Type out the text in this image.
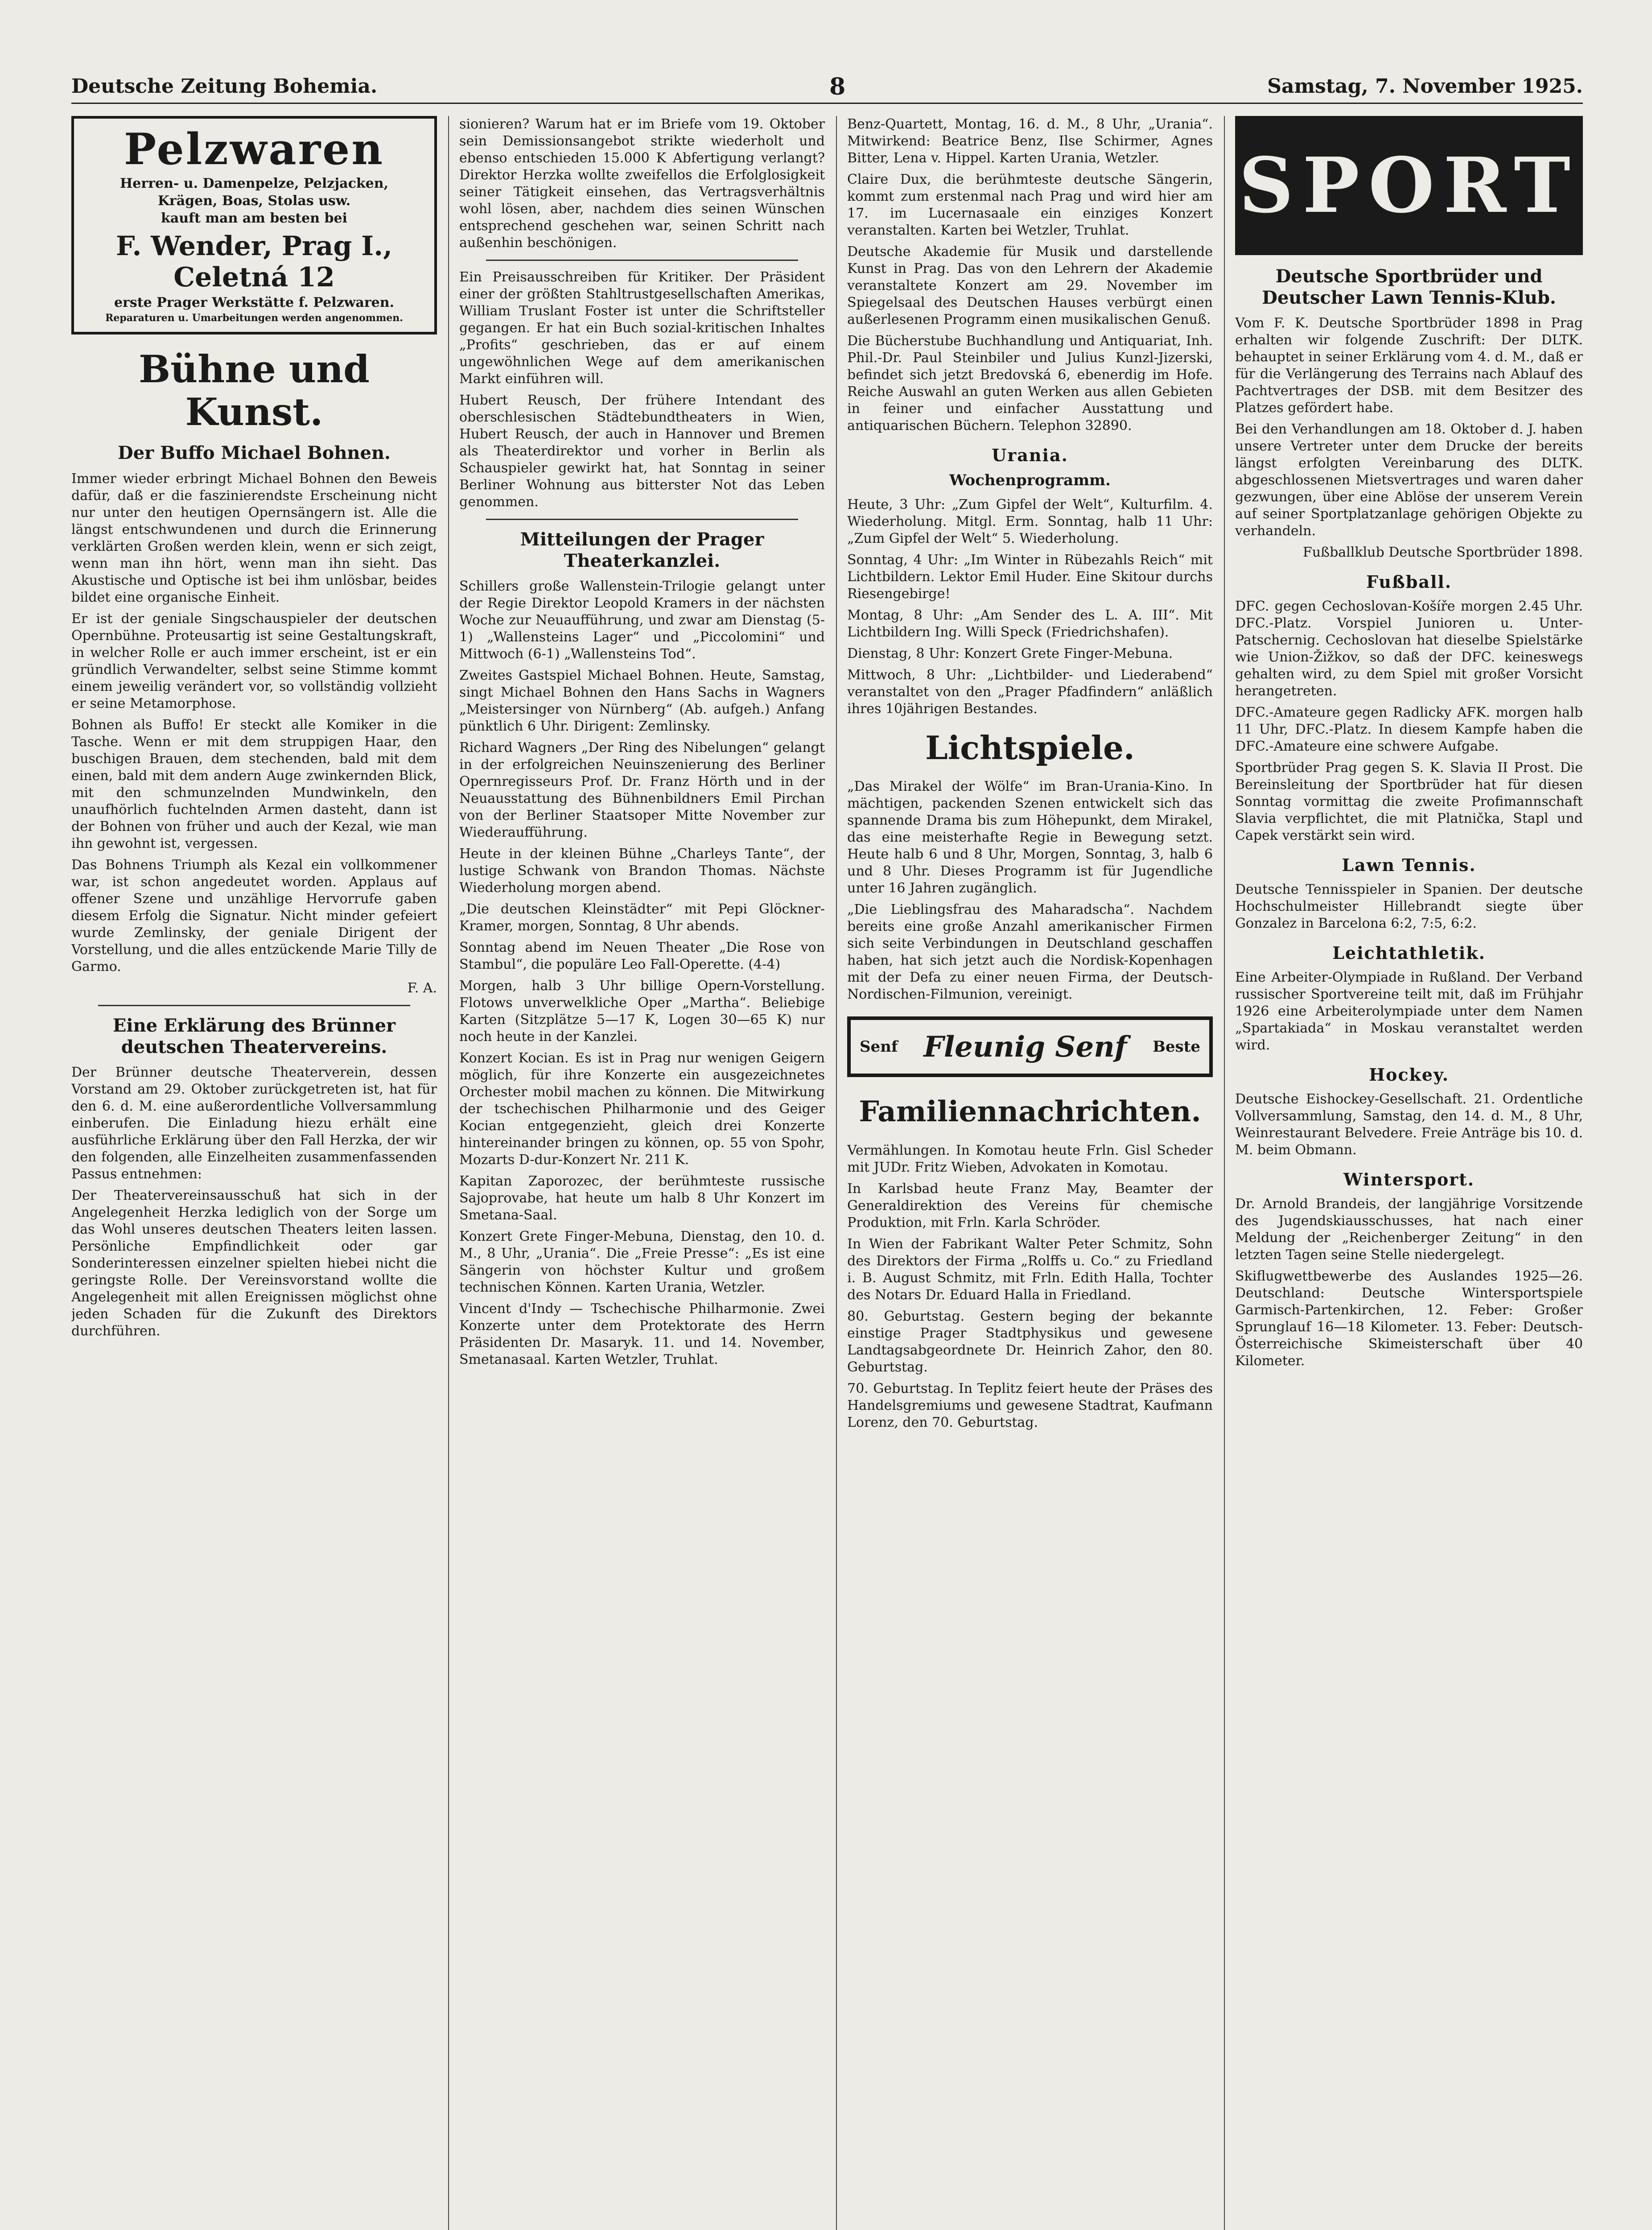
Deutsche Zeitung Bohemia.	8	Samstag, 7. November 1925.
Pelzwaren
Herren- u. Damenpelze, Pelzjacken,
Krägen, Boas, Stolas usw.
kauft man am besten bei
F. Wender, Prag I., Celetná 12
erste Prager Werkstätte f. Pelzwaren.
Reparaturen u. Umarbeitungen werden angenommen.
Bühne und Kunst.
Der Buffo Michael Bohnen.

Immer wieder erbringt Michael Bohnen den Beweis dafür, daß er die faszinierendste Erscheinung nicht nur unter den heutigen Opernsängern ist. Alle die längst entschwundenen und durch die Erinnerung verklärten Großen werden klein, wenn er sich zeigt, wenn man ihn hört, wenn man ihn sieht. Das Akustische und Optische ist bei ihm unlösbar, beides bildet eine organische Einheit.

Er ist der geniale Singschauspieler der deutschen Opernbühne. Proteusartig ist seine Gestaltungskraft, in welcher Rolle er auch immer erscheint, ist er ein gründlich Verwandelter, selbst seine Stimme kommt einem jeweilig verändert vor, so vollständig vollzieht er seine Metamorphose.

Bohnen als Buffo! Er steckt alle Komiker in die Tasche. Wenn er mit dem struppigen Haar, den buschigen Brauen, dem stechenden, bald mit dem einen, bald mit dem andern Auge zwinkernden Blick, mit den schmunzelnden Mundwinkeln, den unaufhörlich fuchtelnden Armen dasteht, dann ist der Bohnen von früher und auch der Kezal, wie man ihn gewohnt ist, vergessen.

Das Bohnens Triumph als Kezal ein vollkommener war, ist schon angedeutet worden. Applaus auf offener Szene und unzählige Hervorrufe gaben diesem Erfolg die Signatur. Nicht minder gefeiert wurde Zemlinsky, der geniale Dirigent der Vorstellung, und die alles entzückende Marie Tilly de Garmo.

F. A.

Eine Erklärung des Brünner deutschen Theatervereins.

Der Brünner deutsche Theaterverein, dessen Vorstand am 29. Oktober zurückgetreten ist, hat für den 6. d. M. eine außerordentliche Vollversammlung einberufen. Die Einladung hiezu erhält eine ausführliche Erklärung über den Fall Herzka, der wir den folgenden, alle Einzelheiten zusammenfassenden Passus entnehmen:

Der Theatervereinsausschuß hat sich in der Angelegenheit Herzka lediglich von der Sorge um das Wohl unseres deutschen Theaters leiten lassen. Persönliche Empfindlichkeit oder gar Sonderinteressen einzelner spielten hiebei nicht die geringste Rolle. Der Vereinsvorstand wollte die Angelegenheit mit allen Ereignissen möglichst ohne jeden Schaden für die Zukunft des Direktors durchführen.

sionieren? Warum hat er im Briefe vom 19. Oktober sein Demissionsangebot strikte wiederholt und ebenso entschieden 15.000 K Abfertigung verlangt? Direktor Herzka wollte zweifellos die Erfolglosigkeit seiner Tätigkeit einsehen, das Vertragsverhältnis wohl lösen, aber, nachdem dies seinen Wünschen entsprechend geschehen war, seinen Schritt nach außenhin beschönigen.

Ein Preisausschreiben für Kritiker. Der Präsident einer der größten Stahltrustgesellschaften Amerikas, William Truslant Foster ist unter die Schriftsteller gegangen. Er hat ein Buch sozial-kritischen Inhaltes „Profits“ geschrieben, das er auf einem ungewöhnlichen Wege auf dem amerikanischen Markt einführen will.

Hubert Reusch, Der frühere Intendant des oberschlesischen Städtebundtheaters in Wien, Hubert Reusch, der auch in Hannover und Bremen als Theaterdirektor und vorher in Berlin als Schauspieler gewirkt hat, hat Sonntag in seiner Berliner Wohnung aus bitterster Not das Leben genommen.

Mitteilungen der Prager Theaterkanzlei.

Schillers große Wallenstein-Trilogie gelangt unter der Regie Direktor Leopold Kramers in der nächsten Woche zur Neuaufführung, und zwar am Dienstag (5-1) „Wallensteins Lager“ und „Piccolomini“ und Mittwoch (6-1) „Wallensteins Tod“.

Zweites Gastspiel Michael Bohnen. Heute, Samstag, singt Michael Bohnen den Hans Sachs in Wagners „Meistersinger von Nürnberg“ (Ab. aufgeh.) Anfang pünktlich 6 Uhr. Dirigent: Zemlinsky.

Richard Wagners „Der Ring des Nibelungen“ gelangt in der erfolgreichen Neuinszenierung des Berliner Opernregisseurs Prof. Dr. Franz Hörth und in der Neuausstattung des Bühnenbildners Emil Pirchan von der Berliner Staatsoper Mitte November zur Wiederaufführung.

Heute in der kleinen Bühne „Charleys Tante“, der lustige Schwank von Brandon Thomas. Nächste Wiederholung morgen abend.

„Die deutschen Kleinstädter“ mit Pepi Glöckner-Kramer, morgen, Sonntag, 8 Uhr abends.

Sonntag abend im Neuen Theater „Die Rose von Stambul“, die populäre Leo Fall-Operette. (4-4)

Morgen, halb 3 Uhr billige Opern-Vorstellung. Flotows unverwelkliche Oper „Martha“. Beliebige Karten (Sitzplätze 5—17 K, Logen 30—65 K) nur noch heute in der Kanzlei.

Konzert Kocian. Es ist in Prag nur wenigen Geigern möglich, für ihre Konzerte ein ausgezeichnetes Orchester mobil machen zu können. Die Mitwirkung der tschechischen Philharmonie und des Geiger Kocian entgegenzieht, gleich drei Konzerte hintereinander bringen zu können, op. 55 von Spohr, Mozarts D-dur-Konzert Nr. 211 K.

Kapitan Zaporozec, der berühmteste russische Sajoprovabe, hat heute um halb 8 Uhr Konzert im Smetana-Saal.

Konzert Grete Finger-Mebuna, Dienstag, den 10. d. M., 8 Uhr, „Urania“. Die „Freie Presse“: „Es ist eine Sängerin von höchster Kultur und großem technischen Können. Karten Urania, Wetzler.

Vincent d'Indy — Tschechische Philharmonie. Zwei Konzerte unter dem Protektorate des Herrn Präsidenten Dr. Masaryk. 11. und 14. November, Smetanasaal. Karten Wetzler, Truhlat.

Benz-Quartett, Montag, 16. d. M., 8 Uhr, „Urania“. Mitwirkend: Beatrice Benz, Ilse Schirmer, Agnes Bitter, Lena v. Hippel. Karten Urania, Wetzler.

Claire Dux, die berühmteste deutsche Sängerin, kommt zum erstenmal nach Prag und wird hier am 17. im Lucernasaale ein einziges Konzert veranstalten. Karten bei Wetzler, Truhlat.

Deutsche Akademie für Musik und darstellende Kunst in Prag. Das von den Lehrern der Akademie veranstaltete Konzert am 29. November im Spiegelsaal des Deutschen Hauses verbürgt einen außerlesenen Programm einen musikalischen Genuß.

Die Bücherstube Buchhandlung und Antiquariat, Inh. Phil.-Dr. Paul Steinbiler und Julius Kunzl-Jizerski, befindet sich jetzt Bredovská 6, ebenerdig im Hofe. Reiche Auswahl an guten Werken aus allen Gebieten in feiner und einfacher Ausstattung und antiquarischen Büchern. Telephon 32890.

Urania.
Wochenprogramm.

Heute, 3 Uhr: „Zum Gipfel der Welt“, Kulturfilm. 4. Wiederholung. Mitgl. Erm. Sonntag, halb 11 Uhr: „Zum Gipfel der Welt“ 5. Wiederholung.

Sonntag, 4 Uhr: „Im Winter in Rübezahls Reich“ mit Lichtbildern. Lektor Emil Huder. Eine Skitour durchs Riesengebirge!

Montag, 8 Uhr: „Am Sender des L. A. III“. Mit Lichtbildern Ing. Willi Speck (Friedrichshafen).

Dienstag, 8 Uhr: Konzert Grete Finger-Mebuna.

Mittwoch, 8 Uhr: „Lichtbilder- und Liederabend“ veranstaltet von den „Prager Pfadfindern“ anläßlich ihres 10jährigen Bestandes.

Lichtspiele.

„Das Mirakel der Wölfe“ im Bran-Urania-Kino. In mächtigen, packenden Szenen entwickelt sich das spannende Drama bis zum Höhepunkt, dem Mirakel, das eine meisterhafte Regie in Bewegung setzt. Heute halb 6 und 8 Uhr, Morgen, Sonntag, 3, halb 6 und 8 Uhr. Dieses Programm ist für Jugendliche unter 16 Jahren zugänglich.

„Die Lieblingsfrau des Maharadscha“. Nachdem bereits eine große Anzahl amerikanischer Firmen sich seite Verbindungen in Deutschland geschaffen haben, hat sich jetzt auch die Nordisk-Kopenhagen mit der Defa zu einer neuen Firma, der Deutsch-Nordischen-Filmunion, vereinigt.

Senf Fleunig Senf Beste
Familiennachrichten.

Vermählungen. In Komotau heute Frln. Gisl Scheder mit JUDr. Fritz Wieben, Advokaten in Komotau.

In Karlsbad heute Franz May, Beamter der Generaldirektion des Vereins für chemische Produktion, mit Frln. Karla Schröder.

In Wien der Fabrikant Walter Peter Schmitz, Sohn des Direktors der Firma „Rolffs u. Co.“ zu Friedland i. B. August Schmitz, mit Frln. Edith Halla, Tochter des Notars Dr. Eduard Halla in Friedland.

80. Geburtstag. Gestern beging der bekannte einstige Prager Stadtphysikus und gewesene Landtagsabgeordnete Dr. Heinrich Zahor, den 80. Geburtstag.

70. Geburtstag. In Teplitz feiert heute der Präses des Handelsgremiums und gewesene Stadtrat, Kaufmann Lorenz, den 70. Geburtstag.

SPORT
Deutsche Sportbrüder und Deutscher Lawn Tennis-Klub.

Vom F. K. Deutsche Sportbrüder 1898 in Prag erhalten wir folgende Zuschrift: Der DLTK. behauptet in seiner Erklärung vom 4. d. M., daß er für die Verlängerung des Terrains nach Ablauf des Pachtvertrages der DSB. mit dem Besitzer des Platzes gefördert habe.

Bei den Verhandlungen am 18. Oktober d. J. haben unsere Vertreter unter dem Drucke der bereits längst erfolgten Vereinbarung des DLTK. abgeschlossenen Mietsvertrages und waren daher gezwungen, über eine Ablöse der unserem Verein auf seiner Sportplatzanlage gehörigen Objekte zu verhandeln.

Fußballklub Deutsche Sportbrüder 1898.

Fußball.

DFC. gegen Cechoslovan-Košíře morgen 2.45 Uhr. DFC.-Platz. Vorspiel Junioren u. Unter-Patschernig. Cechoslovan hat dieselbe Spielstärke wie Union-Žižkov, so daß der DFC. keineswegs gehalten wird, zu dem Spiel mit großer Vorsicht herangetreten.

DFC.-Amateure gegen Radlicky AFK. morgen halb 11 Uhr, DFC.-Platz. In diesem Kampfe haben die DFC.-Amateure eine schwere Aufgabe.

Sportbrüder Prag gegen S. K. Slavia II Prost. Die Bereinsleitung der Sportbrüder hat für diesen Sonntag vormittag die zweite Profimannschaft Slavia verpflichtet, die mit Platnička, Stapl und Capek verstärkt sein wird.

Lawn Tennis.

Deutsche Tennisspieler in Spanien. Der deutsche Hochschulmeister Hillebrandt siegte über Gonzalez in Barcelona 6:2, 7:5, 6:2.

Leichtathletik.

Eine Arbeiter-Olympiade in Rußland. Der Verband russischer Sportvereine teilt mit, daß im Frühjahr 1926 eine Arbeiterolympiade unter dem Namen „Spartakiada“ in Moskau veranstaltet werden wird.

Hockey.

Deutsche Eishockey-Gesellschaft. 21. Ordentliche Vollversammlung, Samstag, den 14. d. M., 8 Uhr, Weinrestaurant Belvedere. Freie Anträge bis 10. d. M. beim Obmann.

Wintersport.

Dr. Arnold Brandeis, der langjährige Vorsitzende des Jugendskiausschusses, hat nach einer Meldung der „Reichenberger Zeitung“ in den letzten Tagen seine Stelle niedergelegt.

Skiflugwettbewerbe des Auslandes 1925—26. Deutschland: Deutsche Wintersportspiele Garmisch-Partenkirchen, 12. Feber: Großer Sprunglauf 16—18 Kilometer. 13. Feber: Deutsch-Österreichische Skimeisterschaft über 40 Kilometer.
